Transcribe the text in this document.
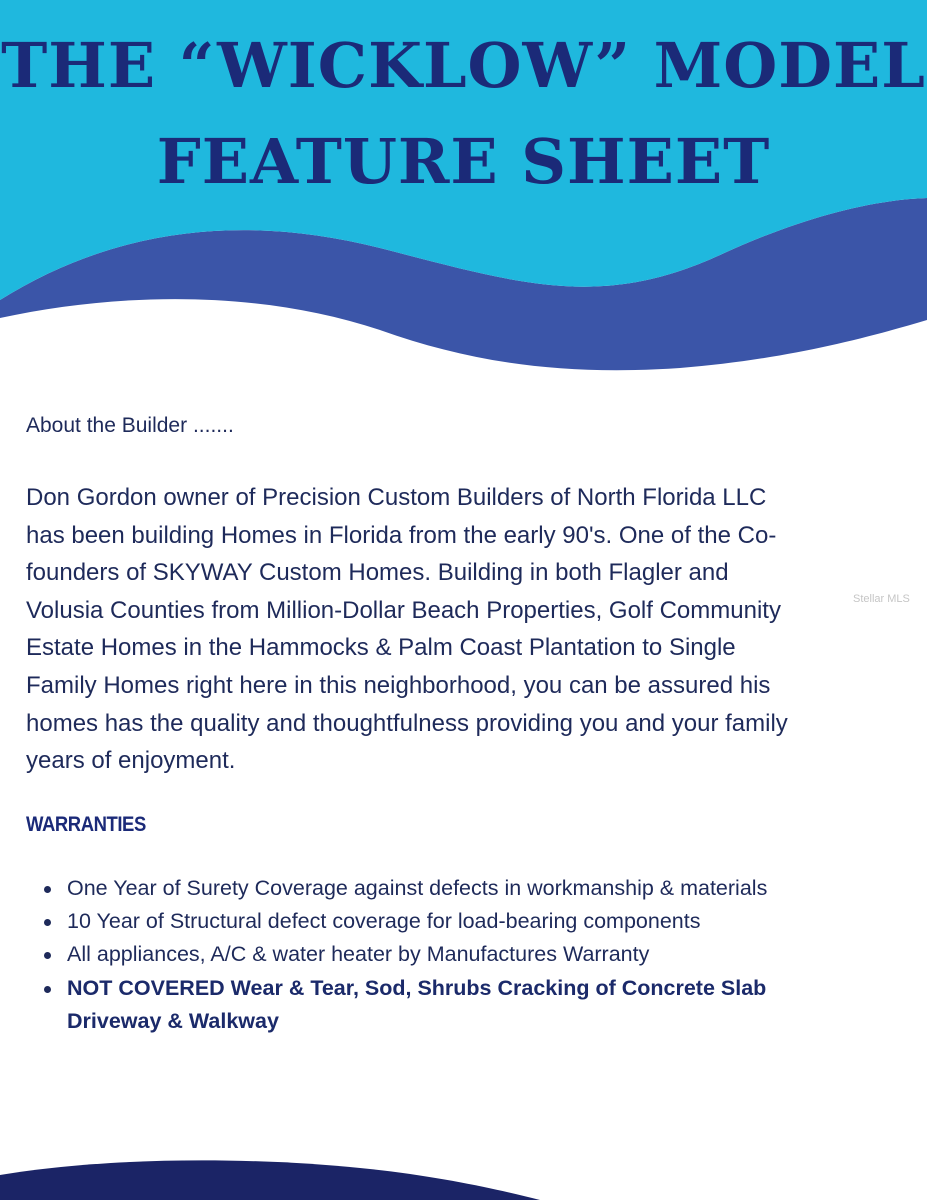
THE “WICKLOW” MODEL
FEATURE SHEET

About the Builder .......

Don Gordon owner of Precision Custom Builders of North Florida LLC
has been building Homes in Florida from the early 90's. One of the Co-
founders of SKYWAY Custom Homes. Building in both Flagler and
Volusia Counties from Million-Dollar Beach Properties, Golf Community
Estate Homes in the Hammocks & Palm Coast Plantation to Single
Family Homes right here in this neighborhood, you can be assured his
homes has the quality and thoughtfulness providing you and your family
years of enjoyment.

WARRANTIES
One Year of Surety Coverage against defects in workmanship & materials
10 Year of Structural defect coverage for load-bearing components
All appliances, A/C & water heater by Manufactures Warranty
NOT COVERED Wear & Tear, Sod, Shrubs Cracking of Concrete Slab
Driveway & Walkway
Stellar MLS
